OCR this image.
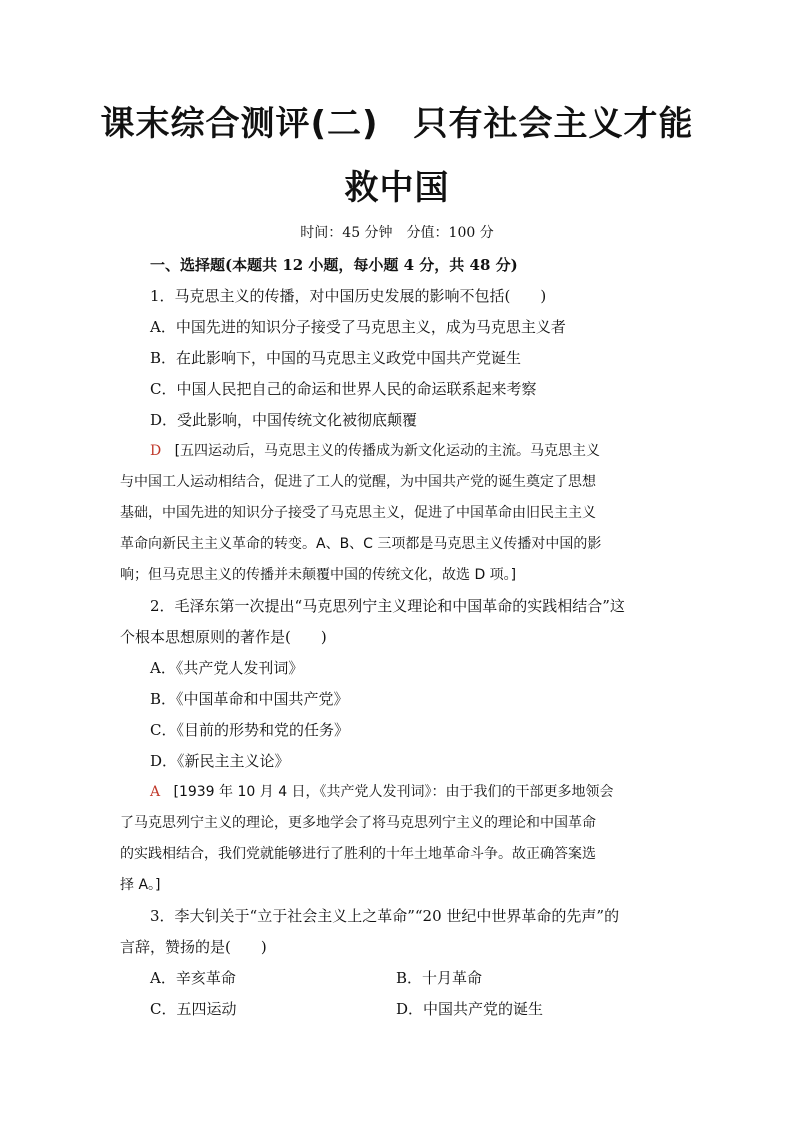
课末综合测评(二)　只有社会主义才能
救中国
时间：45 分钟　分值：100 分
一、选择题(本题共 12 小题，每小题 4 分，共 48 分)
1．马克思主义的传播，对中国历史发展的影响不包括(　　)
A．中国先进的知识分子接受了马克思主义，成为马克思主义者
B．在此影响下，中国的马克思主义政党中国共产党诞生
C．中国人民把自己的命运和世界人民的命运联系起来考察
D．受此影响，中国传统文化被彻底颠覆
D [五四运动后，马克思主义的传播成为新文化运动的主流。马克思主义
与中国工人运动相结合，促进了工人的觉醒，为中国共产党的诞生奠定了思想
基础，中国先进的知识分子接受了马克思主义，促进了中国革命由旧民主主义
革命向新民主主义革命的转变。A、B、C 三项都是马克思主义传播对中国的影
响；但马克思主义的传播并未颠覆中国的传统文化，故选 D 项。]
2．毛泽东第一次提出“马克思列宁主义理论和中国革命的实践相结合”这
个根本思想原则的著作是(　　)
A．《共产党人发刊词》
B．《中国革命和中国共产党》
C．《目前的形势和党的任务》
D．《新民主主义论》
A [1939 年 10 月 4 日，《共产党人发刊词》：由于我们的干部更多地领会
了马克思列宁主义的理论，更多地学会了将马克思列宁主义的理论和中国革命
的实践相结合，我们党就能够进行了胜利的十年土地革命斗争。故正确答案选
择 A。]
3．李大钊关于“立于社会主义上之革命”“20 世纪中世界革命的先声”的
言辞，赞扬的是(　　)
A．辛亥革命	B．十月革命
C．五四运动	D．中国共产党的诞生
